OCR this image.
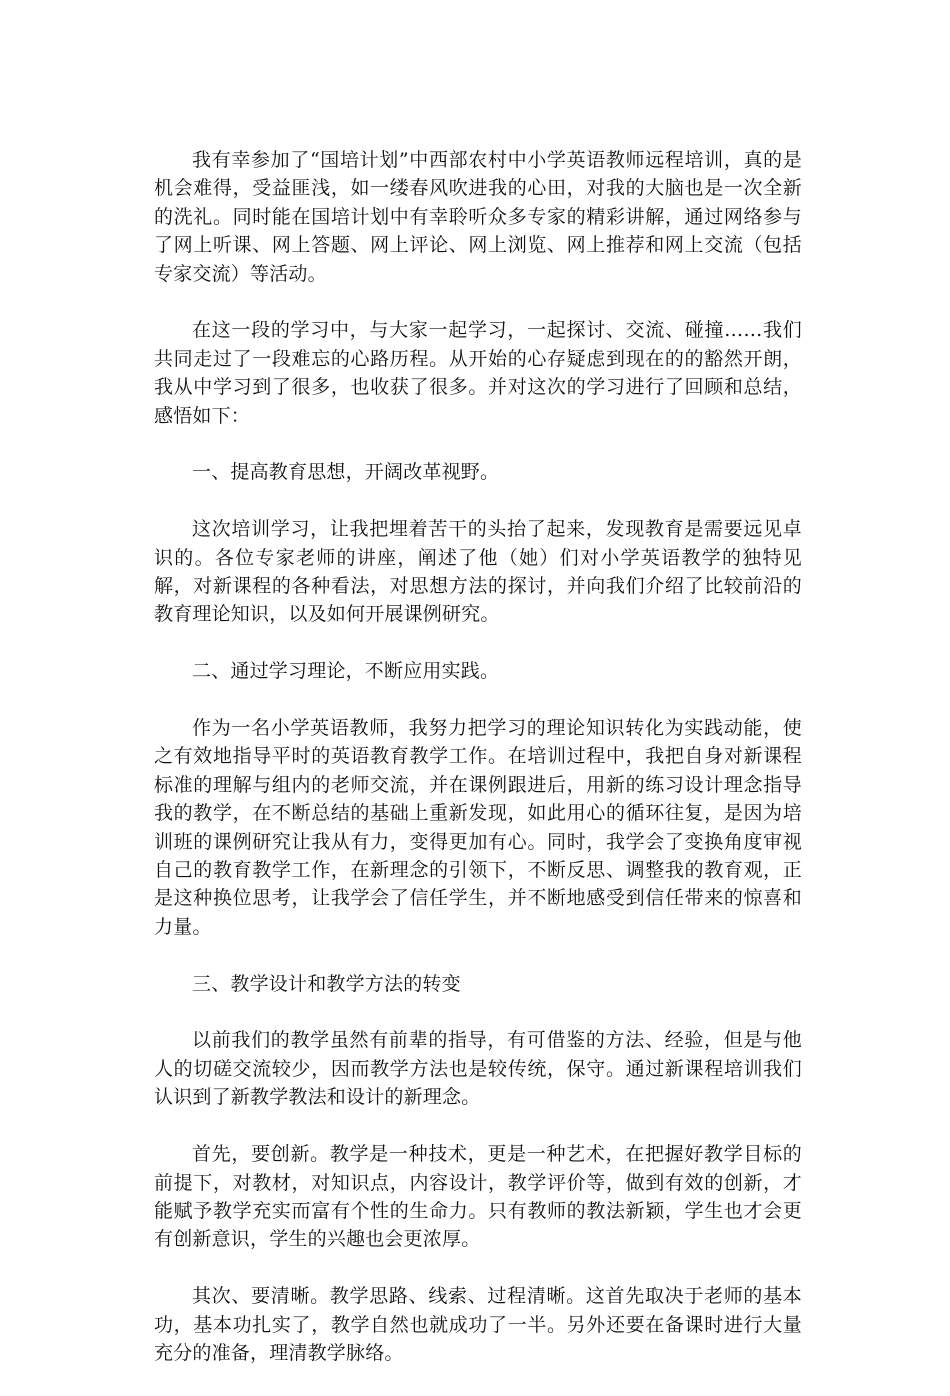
我有幸参加了“国培计划”中西部农村中小学英语教师远程培训，真的是机会难得，受益匪浅，如一缕春风吹进我的心田，对我的大脑也是一次全新的洗礼。同时能在国培计划中有幸聆听众多专家的精彩讲解，通过网络参与了网上听课、网上答题、网上评论、网上浏览、网上推荐和网上交流（包括专家交流）等活动。

在这一段的学习中，与大家一起学习，一起探讨、交流、碰撞……我们共同走过了一段难忘的心路历程。从开始的心存疑虑到现在的的豁然开朗，我从中学习到了很多，也收获了很多。并对这次的学习进行了回顾和总结，感悟如下：

一、提高教育思想，开阔改革视野。

这次培训学习，让我把埋着苦干的头抬了起来，发现教育是需要远见卓识的。各位专家老师的讲座，阐述了他（她）们对小学英语教学的独特见解，对新课程的各种看法，对思想方法的探讨，并向我们介绍了比较前沿的教育理论知识，以及如何开展课例研究。

二、通过学习理论，不断应用实践。

作为一名小学英语教师，我努力把学习的理论知识转化为实践动能，使之有效地指导平时的英语教育教学工作。在培训过程中，我把自身对新课程标准的理解与组内的老师交流，并在课例跟进后，用新的练习设计理念指导我的教学，在不断总结的基础上重新发现，如此用心的循环往复，是因为培训班的课例研究让我从有力，变得更加有心。同时，我学会了变换角度审视自己的教育教学工作，在新理念的引领下，不断反思、调整我的教育观，正是这种换位思考，让我学会了信任学生，并不断地感受到信任带来的惊喜和力量。

三、教学设计和教学方法的转变

以前我们的教学虽然有前辈的指导，有可借鉴的方法、经验，但是与他人的切磋交流较少，因而教学方法也是较传统，保守。通过新课程培训我们认识到了新教学教法和设计的新理念。

首先，要创新。教学是一种技术，更是一种艺术，在把握好教学目标的前提下，对教材，对知识点，内容设计，教学评价等，做到有效的创新，才能赋予教学充实而富有个性的生命力。只有教师的教法新颖，学生也才会更有创新意识，学生的兴趣也会更浓厚。

其次、要清晰。教学思路、线索、过程清晰。这首先取决于老师的基本功，基本功扎实了，教学自然也就成功了一半。另外还要在备课时进行大量充分的准备，理清教学脉络。
